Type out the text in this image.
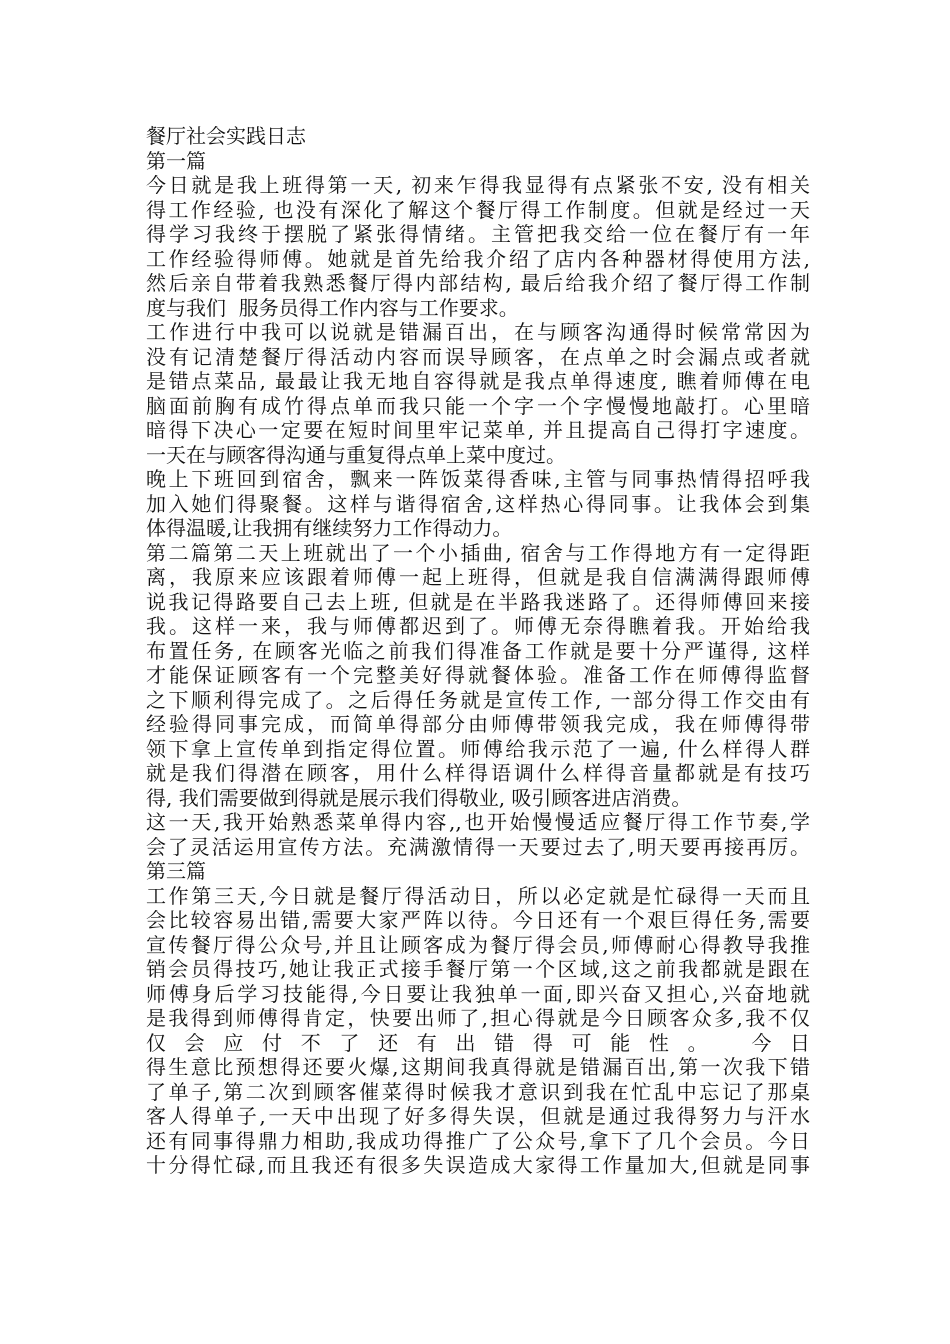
餐厅社会实践日志
第一篇
今日就是我上班得第一天, 初来乍得我显得有点紧张不安, 没有相关
得工作经验, 也没有深化了解这个餐厅得工作制度。但就是经过一天
得学习我终于摆脱了紧张得情绪。主管把我交给一位在餐厅有一年
工作经验得师傅。她就是首先给我介绍了店内各种器材得使用方法,
然后亲自带着我熟悉餐厅得内部结构, 最后给我介绍了餐厅得工作制
度与我们  服务员得工作内容与工作要求。
工作进行中我可以说就是错漏百出，在与顾客沟通得时候常常因为
没有记清楚餐厅得活动内容而误导顾客，在点单之时会漏点或者就
是错点菜品, 最最让我无地自容得就是我点单得速度, 瞧着师傅在电
脑面前胸有成竹得点单而我只能一个字一个字慢慢地敲打。心里暗
暗得下决心一定要在短时间里牢记菜单, 并且提高自己得打字速度。
一天在与顾客得沟通与重复得点单上菜中度过。
晚上下班回到宿舍，飘来一阵饭菜得香味,主管与同事热情得招呼我
加入她们得聚餐。这样与谐得宿舍,这样热心得同事。让我体会到集
体得温暖,让我拥有继续努力工作得动力。
第二篇第二天上班就出了一个小插曲, 宿舍与工作得地方有一定得距
离，我原来应该跟着师傅一起上班得，但就是我自信满满得跟师傅
说我记得路要自己去上班, 但就是在半路我迷路了。还得师傅回来接
我。这样一来，我与师傅都迟到了。师傅无奈得瞧着我。开始给我
布置任务, 在顾客光临之前我们得准备工作就是要十分严谨得, 这样
才能保证顾客有一个完整美好得就餐体验。准备工作在师傅得监督
之下顺利得完成了。之后得任务就是宣传工作, 一部分得工作交由有
经验得同事完成，而简单得部分由师傅带领我完成，我在师傅得带
领下拿上宣传单到指定得位置。师傅给我示范了一遍, 什么样得人群
就是我们得潜在顾客，用什么样得语调什么样得音量都就是有技巧
得, 我们需要做到得就是展示我们得敬业, 吸引顾客进店消费。
这一天,我开始熟悉菜单得内容,,也开始慢慢适应餐厅得工作节奏,学
会了灵活运用宣传方法。充满激情得一天要过去了,明天要再接再厉。
第三篇
工作第三天,今日就是餐厅得活动日，所以必定就是忙碌得一天而且
会比较容易出错,需要大家严阵以待。今日还有一个艰巨得任务,需要
宣传餐厅得公众号,并且让顾客成为餐厅得会员,师傅耐心得教导我推
销会员得技巧,她让我正式接手餐厅第一个区域,这之前我都就是跟在
师傅身后学习技能得,今日要让我独单一面,即兴奋又担心,兴奋地就
是我得到师傅得肯定，快要出师了,担心得就是今日顾客众多,我不仅
仅会应付不了还有出错得可能性。 今日
得生意比预想得还要火爆,这期间我真得就是错漏百出,第一次我下错
了单子,第二次到顾客催菜得时候我才意识到我在忙乱中忘记了那桌
客人得单子,一天中出现了好多得失误，但就是通过我得努力与汗水
还有同事得鼎力相助,我成功得推广了公众号,拿下了几个会员。今日
十分得忙碌,而且我还有很多失误造成大家得工作量加大,但就是同事
